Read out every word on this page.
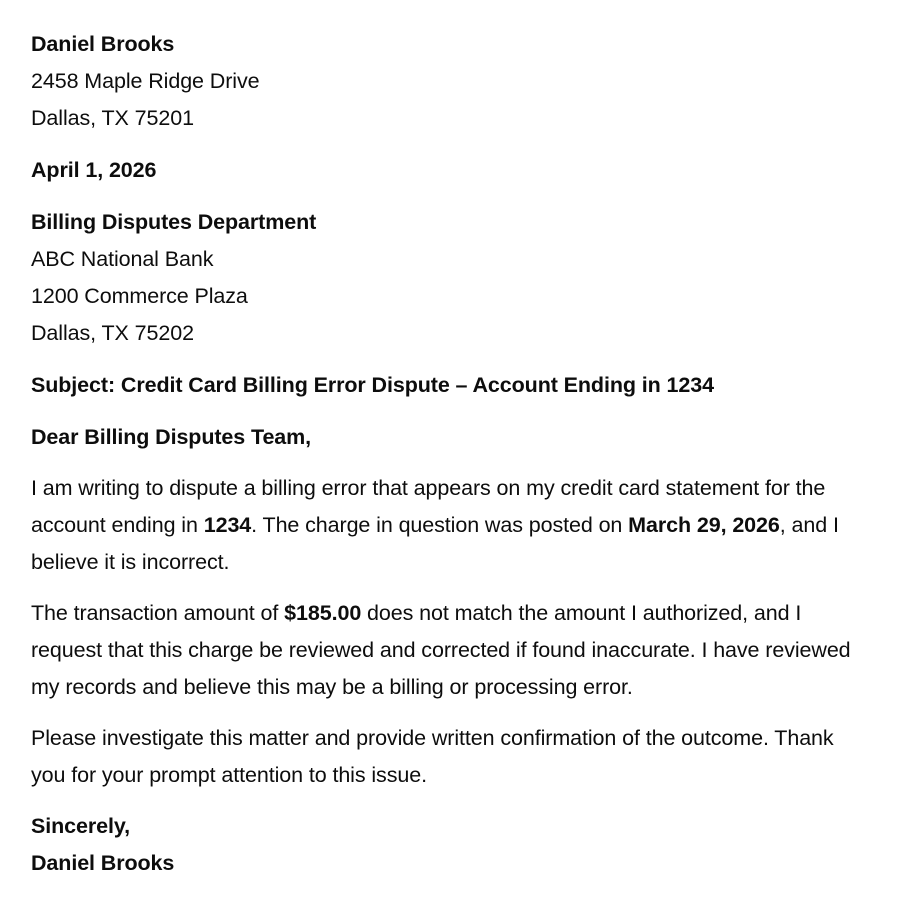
Daniel Brooks
2458 Maple Ridge Drive
Dallas, TX 75201
April 1, 2026
Billing Disputes Department
ABC National Bank
1200 Commerce Plaza
Dallas, TX 75202
Subject: Credit Card Billing Error Dispute – Account Ending in 1234
Dear Billing Disputes Team,

I am writing to dispute a billing error that appears on my credit card statement for the account ending in 1234. The charge in question was posted on March 29, 2026, and I believe it is incorrect.

The transaction amount of $185.00 does not match the amount I authorized, and I request that this charge be reviewed and corrected if found inaccurate. I have reviewed my records and believe this may be a billing or processing error.

Please investigate this matter and provide written confirmation of the outcome. Thank you for your prompt attention to this issue.

Sincerely,
Daniel Brooks
